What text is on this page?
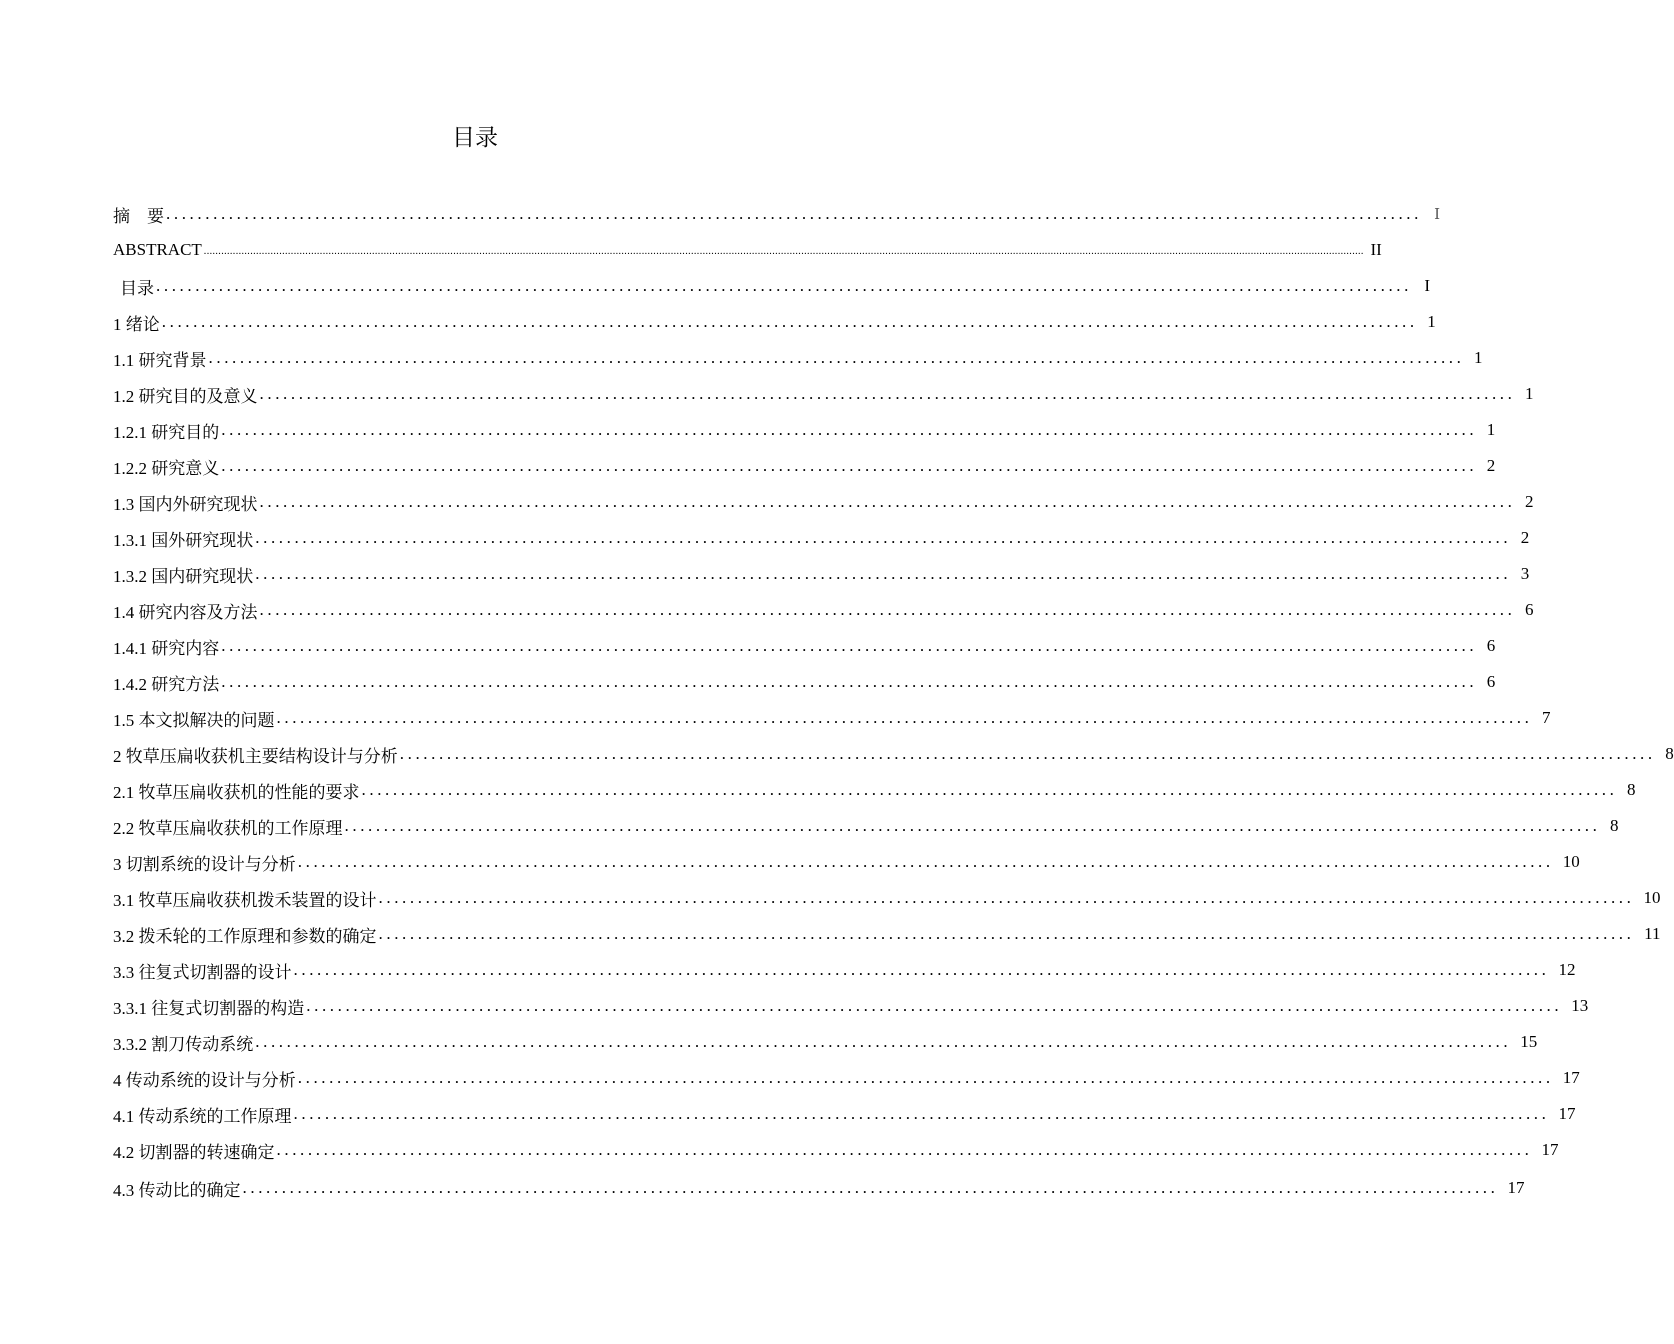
目录
摘　要 ................................................................................................................................................................ Ⅰ
ABSTRACT ................................................................................................................................................................................................................................................................................................................................................................................................................ II
目录 ................................................................................................................................................................ I
1 绪论 ................................................................................................................................................................ 1
1.1 研究背景 ................................................................................................................................................................ 1
1.2 研究目的及意义 ................................................................................................................................................................ 1
1.2.1 研究目的 ................................................................................................................................................................ 1
1.2.2 研究意义 ................................................................................................................................................................ 2
1.3 国内外研究现状 ................................................................................................................................................................ 2
1.3.1 国外研究现状 ................................................................................................................................................................ 2
1.3.2 国内研究现状 ................................................................................................................................................................ 3
1.4 研究内容及方法 ................................................................................................................................................................ 6
1.4.1 研究内容 ................................................................................................................................................................ 6
1.4.2 研究方法 ................................................................................................................................................................ 6
1.5 本文拟解决的问题 ................................................................................................................................................................ 7
2 牧草压扁收获机主要结构设计与分析 ................................................................................................................................................................ 8
2.1 牧草压扁收获机的性能的要求 ................................................................................................................................................................ 8
2.2 牧草压扁收获机的工作原理 ................................................................................................................................................................ 8
3 切割系统的设计与分析 ................................................................................................................................................................ 10
3.1 牧草压扁收获机拨禾装置的设计 ................................................................................................................................................................ 10
3.2 拨禾轮的工作原理和参数的确定 ................................................................................................................................................................ 11
3.3 往复式切割器的设计 ................................................................................................................................................................ 12
3.3.1 往复式切割器的构造 ................................................................................................................................................................ 13
3.3.2 割刀传动系统 ................................................................................................................................................................ 15
4 传动系统的设计与分析 ................................................................................................................................................................ 17
4.1 传动系统的工作原理 ................................................................................................................................................................ 17
4.2 切割器的转速确定 ................................................................................................................................................................ 17
4.3 传动比的确定 ................................................................................................................................................................ 17
